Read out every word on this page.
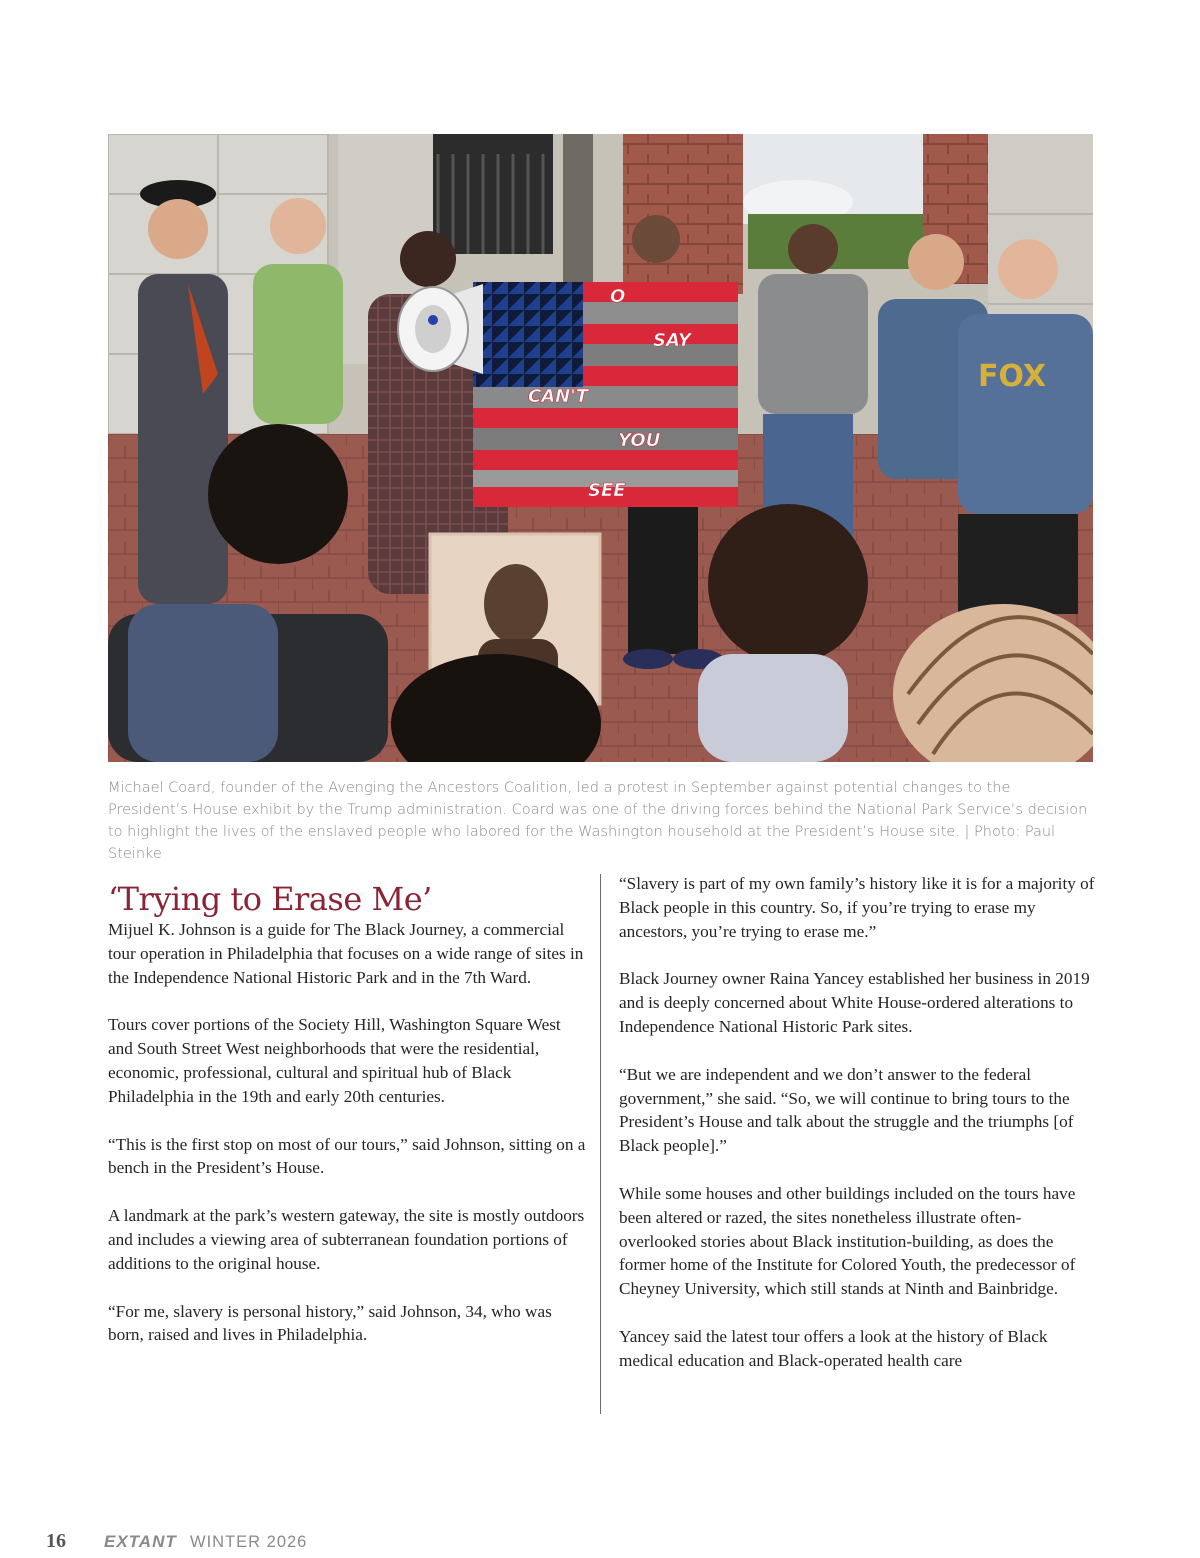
O
SAY
CAN'T
YOU
SEE
FOX

Michael Coard, founder of the Avenging the Ancestors Coalition, led a protest in September against potential changes to the President’s House exhibit by the Trump administration. Coard was one of the driving forces behind the National Park Service’s decision to highlight the lives of the enslaved people who labored for the Washington household at the President’s House site. | Photo: Paul Steinke

‘Trying to Erase Me’

Mijuel K. Johnson is a guide for The Black Journey, a commercial tour operation in Philadelphia that focuses on a wide range of sites in the Independence National Historic Park and in the 7th Ward.

Tours cover portions of the Society Hill, Washington Square West and South Street West neighborhoods that were the residential, economic, professional, cultural and spiritual hub of Black Philadelphia in the 19th and early 20th centuries.

“This is the first stop on most of our tours,” said Johnson, sitting on a bench in the President’s House.

A landmark at the park’s western gateway, the site is mostly outdoors and includes a viewing area of subterranean foundation portions of additions to the original house.

“For me, slavery is personal history,” said Johnson, 34, who was born, raised and lives in Philadelphia.

“Slavery is part of my own family’s history like it is for a majority of Black people in this country. So, if you’re trying to erase my ancestors, you’re trying to erase me.”

Black Journey owner Raina Yancey established her business in 2019 and is deeply concerned about White House-ordered alterations to Independence National Historic Park sites.

“But we are independent and we don’t answer to the federal government,” she said. “So, we will continue to bring tours to the President’s House and talk about the struggle and the triumphs [of Black people].”

While some houses and other buildings included on the tours have been altered or razed, the sites nonetheless illustrate often-overlooked stories about Black institution-building, as does the former home of the Institute for Colored Youth, the predecessor of Cheyney University, which still stands at Ninth and Bainbridge.

Yancey said the latest tour offers a look at the history of Black medical education and Black-operated health care

16	EXTANT WINTER 2026
